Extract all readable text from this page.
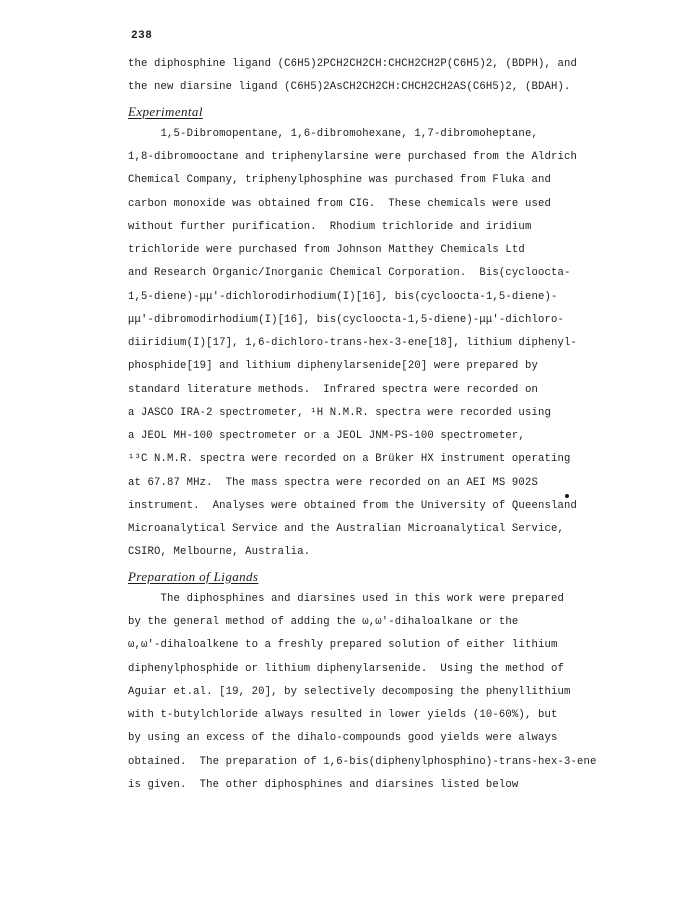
238
the diphosphine ligand (C6H5)2PCH2CH2CH:CHCH2CH2P(C6H5)2, (BDPH), and
the new diarsine ligand (C6H5)2AsCH2CH2CH:CHCH2CH2AS(C6H5)2, (BDAH).
Experimental
1,5-Dibromopentane, 1,6-dibromohexane, 1,7-dibromoheptane,
1,8-dibromooctane and triphenylarsine were purchased from the Aldrich
Chemical Company, triphenylphosphine was purchased from Fluka and
carbon monoxide was obtained from CIG.  These chemicals were used
without further purification.  Rhodium trichloride and iridium
trichloride were purchased from Johnson Matthey Chemicals Ltd
and Research Organic/Inorganic Chemical Corporation.  Bis(cycloocta-
1,5-diene)-μμ'-dichlorodirhodium(I)[16], bis(cycloocta-1,5-diene)-
μμ'-dibromodirhodium(I)[16], bis(cycloocta-1,5-diene)-μμ'-dichloro-
diiridium(I)[17], 1,6-dichloro-trans-hex-3-ene[18], lithium diphenyl-
phosphide[19] and lithium diphenylarsenide[20] were prepared by
standard literature methods.  Infrared spectra were recorded on
a JASCO IRA-2 spectrometer, ¹H N.M.R. spectra were recorded using
a JEOL MH-100 spectrometer or a JEOL JNM-PS-100 spectrometer,
¹³C N.M.R. spectra were recorded on a Brüker HX instrument operating
at 67.87 MHz.  The mass spectra were recorded on an AEI MS 902S
instrument.  Analyses were obtained from the University of Queensland
Microanalytical Service and the Australian Microanalytical Service,
CSIRO, Melbourne, Australia.
Preparation of Ligands
The diphosphines and diarsines used in this work were prepared
by the general method of adding the ω,ω'-dihaloalkane or the
ω,ω'-dihaloalkene to a freshly prepared solution of either lithium
diphenylphosphide or lithium diphenylarsenide.  Using the method of
Aguiar et.al. [19, 20], by selectively decomposing the phenyllithium
with t-butylchloride always resulted in lower yields (10-60%), but
by using an excess of the dihalo-compounds good yields were always
obtained.  The preparation of 1,6-bis(diphenylphosphino)-trans-hex-3-ene
is given.  The other diphosphines and diarsines listed below
